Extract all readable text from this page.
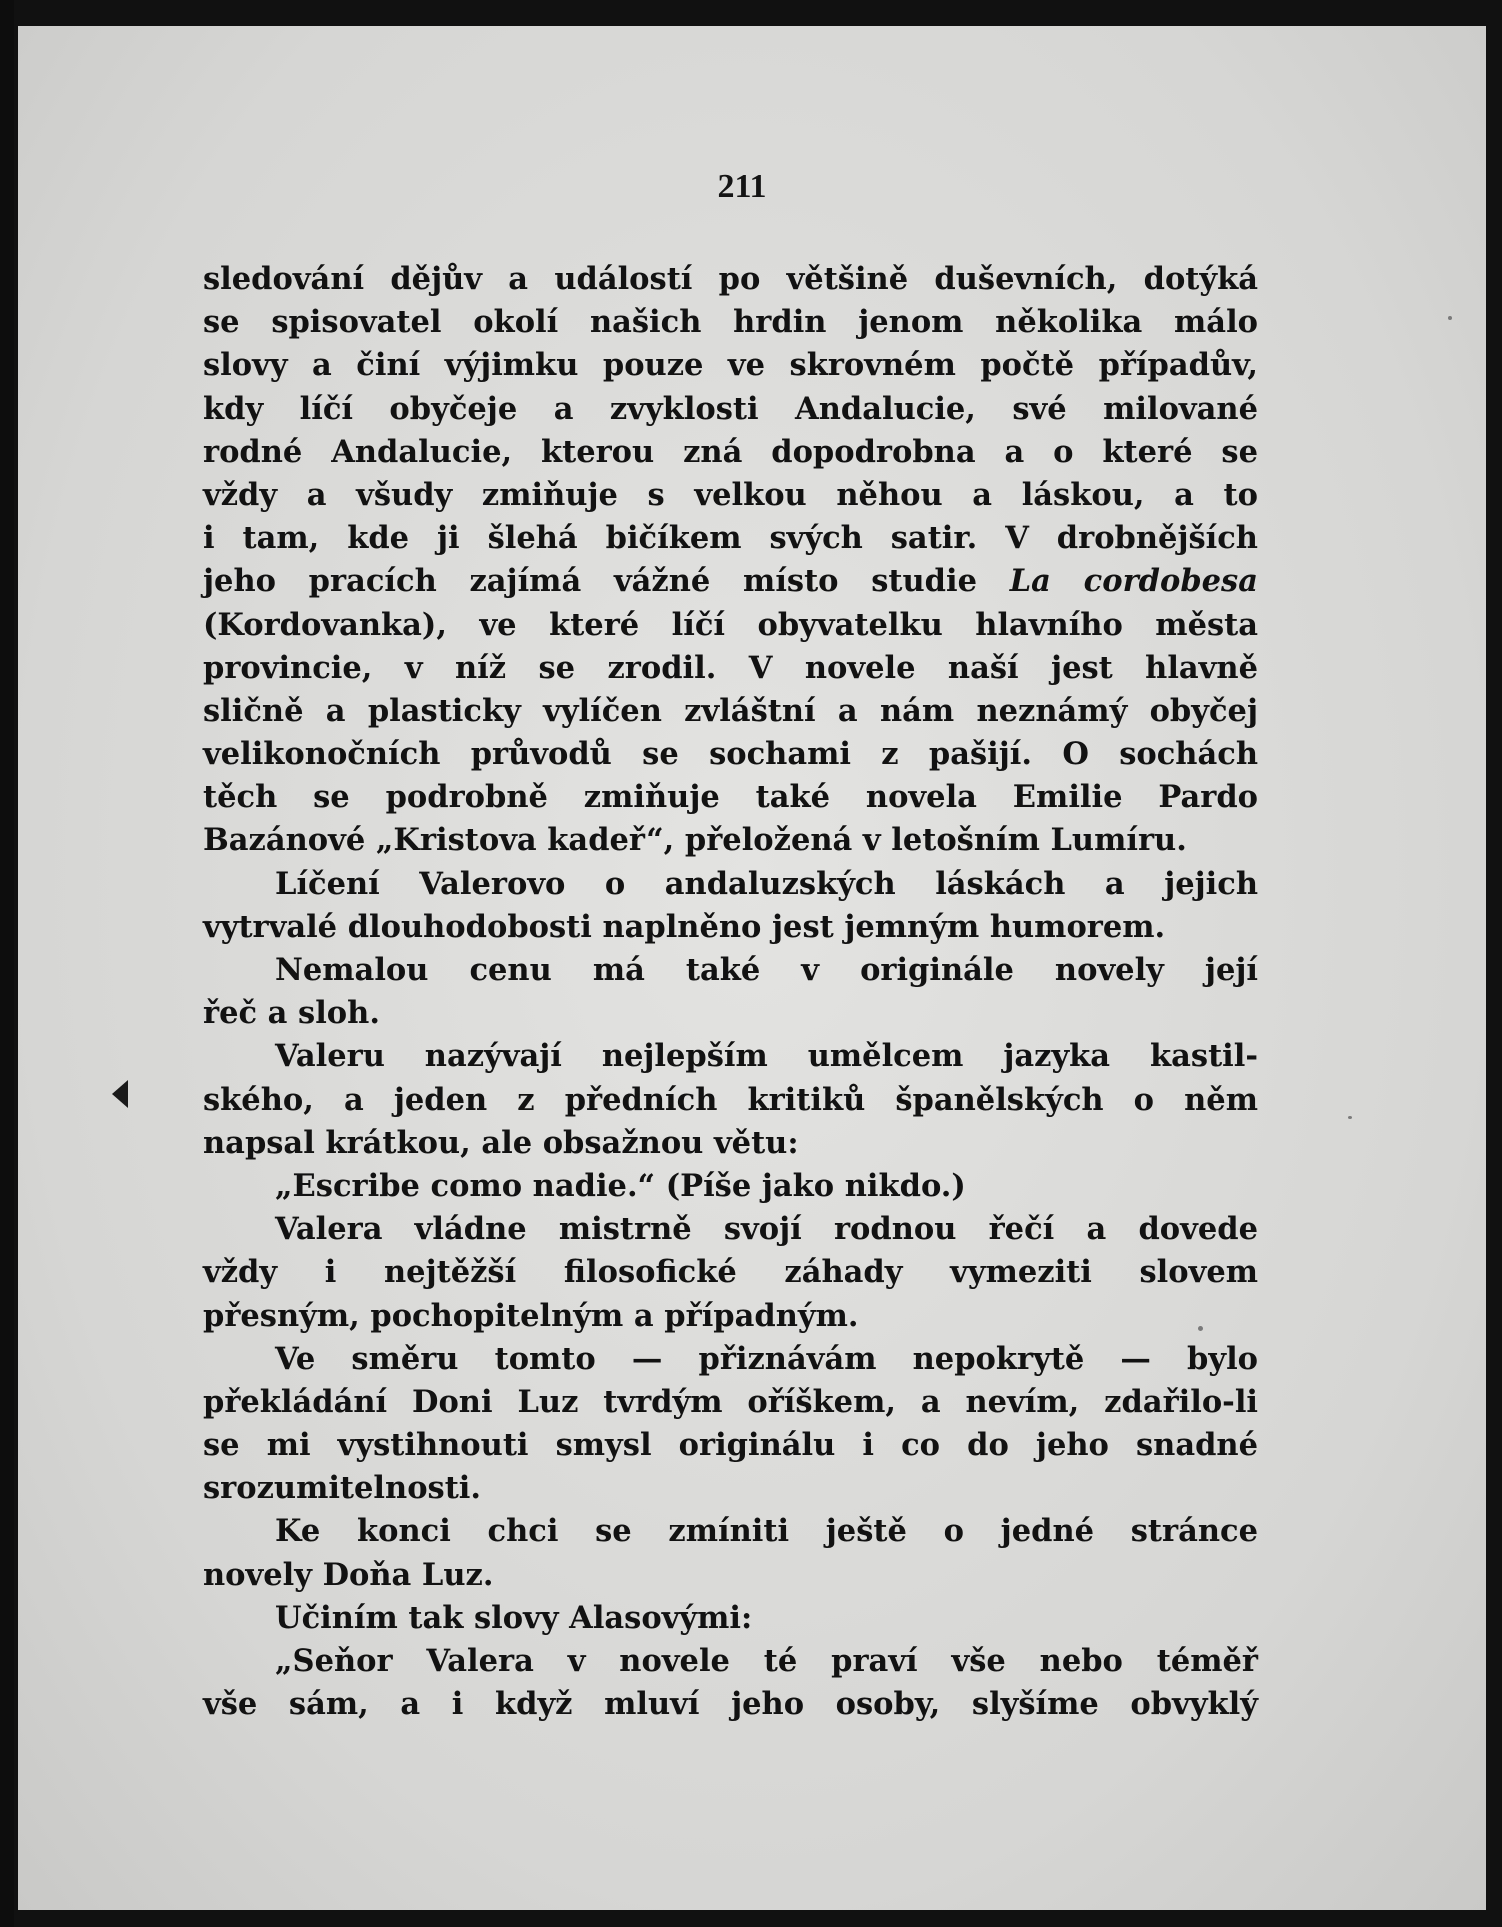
211
sledování dějův a událostí po většině duševních, dotýká
se spisovatel okolí našich hrdin jenom několika málo
slovy a činí výjimku pouze ve skrovném počtě případův,
kdy líčí obyčeje a zvyklosti Andalucie, své milované
rodné Andalucie, kterou zná dopodrobna a o které se
vždy a všudy zmiňuje s velkou něhou a láskou, a to
i tam, kde ji šlehá bičíkem svých satir. V drobnějších
jeho pracích zajímá vážné místo studie La cordobesa
(Kordovanka), ve které líčí obyvatelku hlavního města
provincie, v níž se zrodil. V novele naší jest hlavně
sličně a plasticky vylíčen zvláštní a nám neznámý obyčej
velikonočních průvodů se sochami z pašijí. O sochách
těch se podrobně zmiňuje také novela Emilie Pardo
Bazánové „Kristova kadeř“, přeložená v letošním Lumíru.
Líčení Valerovo o andaluzských láskách a jejich
vytrvalé dlouhodobosti naplněno jest jemným humorem.
Nemalou cenu má také v originále novely její
řeč a sloh.
Valeru nazývají nejlepším umělcem jazyka kastil-
ského, a jeden z předních kritiků španělských o něm
napsal krátkou, ale obsažnou větu:
„Escribe como nadie.“ (Píše jako nikdo.)
Valera vládne mistrně svojí rodnou řečí a dovede
vždy i nejtěžší filosofické záhady vymeziti slovem
přesným, pochopitelným a případným.
Ve směru tomto — přiznávám nepokrytě — bylo
překládání Doni Luz tvrdým oříškem, a nevím, zdařilo-li
se mi vystihnouti smysl originálu i co do jeho snadné
srozumitelnosti.
Ke konci chci se zmíniti ještě o jedné stránce
novely Doňa Luz.
Učiním tak slovy Alasovými:
„Seňor Valera v novele té praví vše nebo téměř
vše sám, a i když mluví jeho osoby, slyšíme obvyklý
